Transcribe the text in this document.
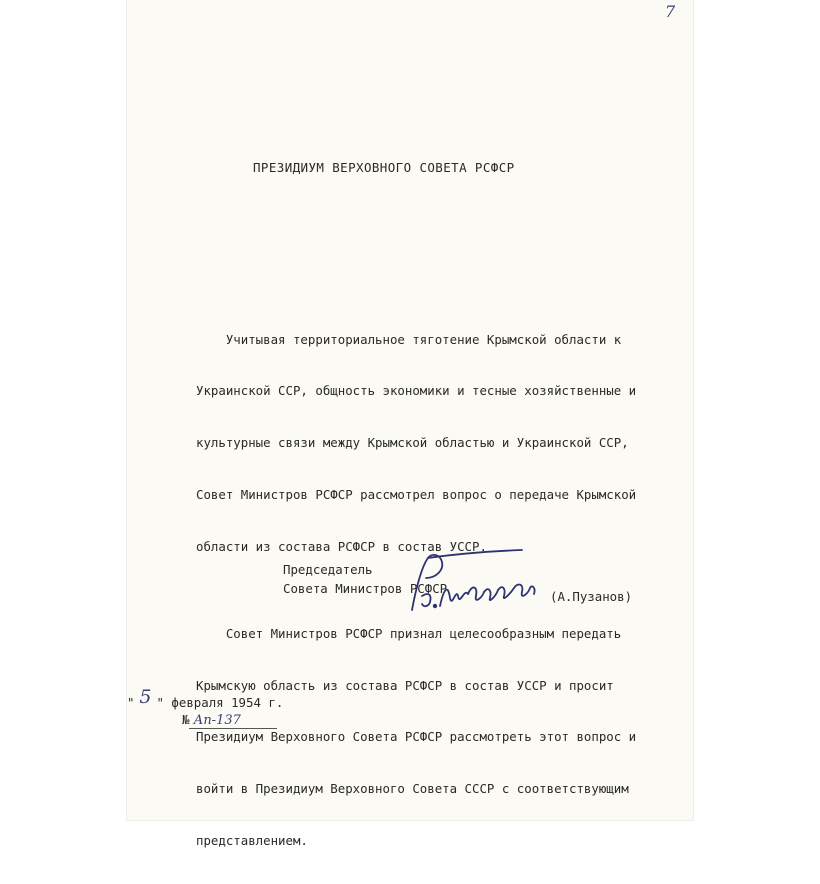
7
ПРЕЗИДИУМ ВЕРХОВНОГО СОВЕТА РСФСР

Учитывая территориальное тяготение Крымской области к

Украинской ССР, общность экономики и тесные хозяйственные и

культурные связи между Крымской областью и Украинской ССР,

Совет Министров РСФСР рассмотрел вопрос о передаче Крымской

области из состава РСФСР в состав УССР.

Совет Министров РСФСР признал целесообразным передать

Крымскую область из состава РСФСР в состав УССР и просит

Президиум Верховного Совета РСФСР рассмотреть этот вопрос и

войти в Президиум Верховного Совета СССР с соответствующим

представлением.

Председатель
Совета Министров РСФСР
(А.Пузанов)
" 5 " февраля 1954 г.
№ Ап-137
